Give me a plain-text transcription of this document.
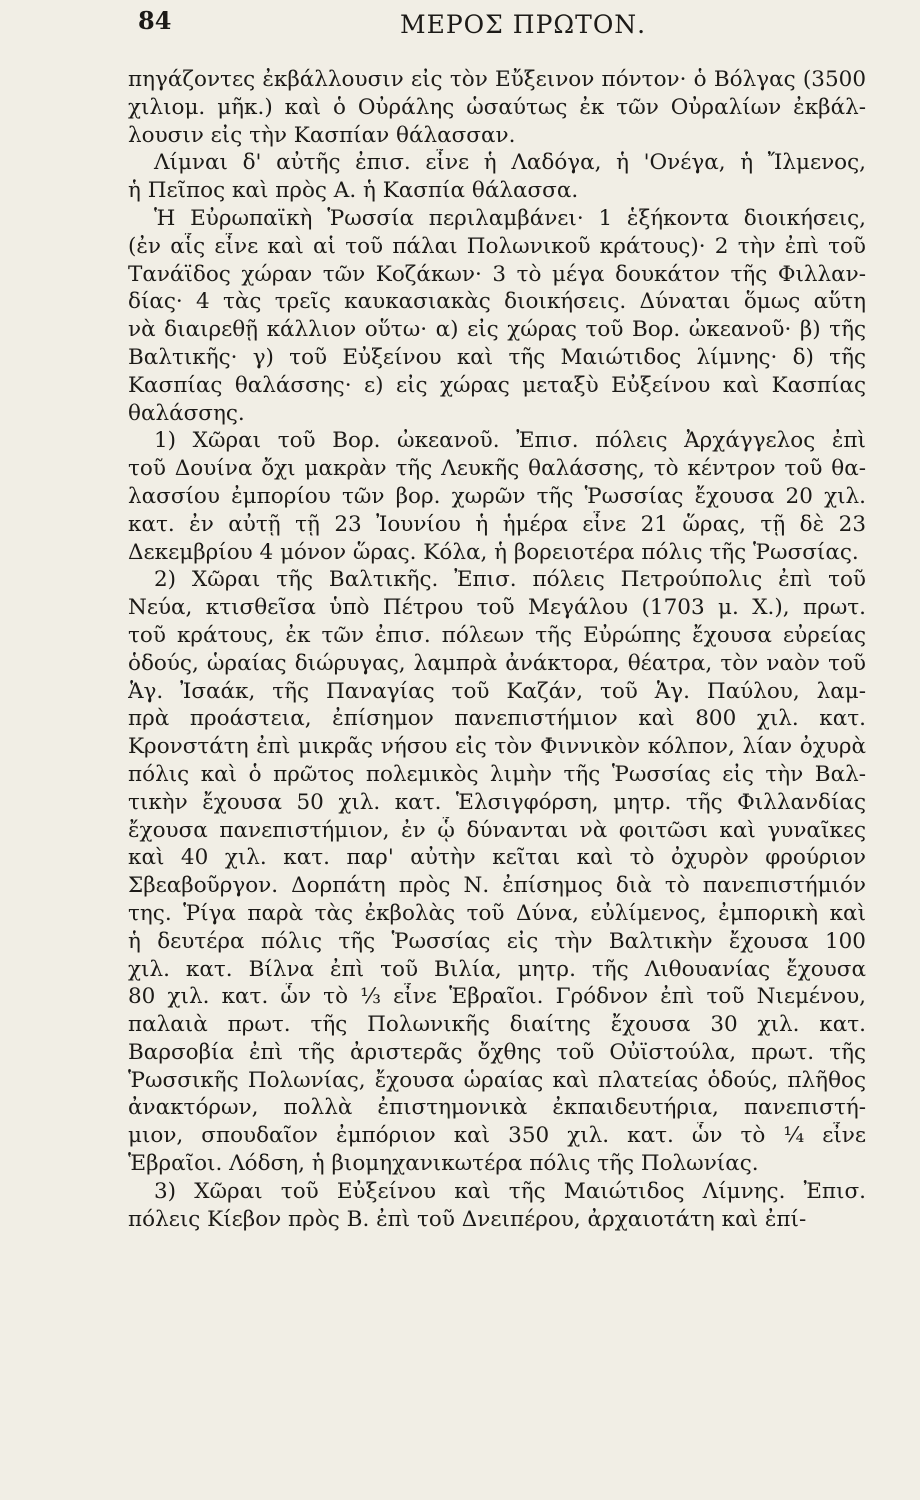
84	ΜΕΡΟΣ ΠΡΩΤΟΝ.
πηγάζοντες ἐκβάλλουσιν εἰς τὸν Εὔξεινον πόντον· ὁ Βόλγας (3500
χιλιομ. μῆκ.) καὶ ὁ Οὐράλης ὡσαύτως ἐκ τῶν Οὐραλίων ἐκβάλ-
λουσιν εἰς τὴν Κασπίαν θάλασσαν.
Λίμναι δ' αὐτῆς ἐπισ. εἶνε ἡ Λαδόγα, ἡ 'Ονέγα, ἡ Ἴλμενος,
ἡ Πεῖπος καὶ πρὸς Α. ἡ Κασπία θάλασσα.
Ἡ Εὐρωπαϊκὴ Ῥωσσία περιλαμβάνει· 1 ἑξήκοντα διοικήσεις,
(ἐν αἷς εἶνε καὶ αἱ τοῦ πάλαι Πολωνικοῦ κράτους)· 2 τὴν ἐπὶ τοῦ
Τανάϊδος χώραν τῶν Κοζάκων· 3 τὸ μέγα δουκάτον τῆς Φιλλαν-
δίας· 4 τὰς τρεῖς καυκασιακὰς διοικήσεις. Δύναται ὅμως αὕτη
νὰ διαιρεθῇ κάλλιον οὕτω· α) εἰς χώρας τοῦ Βορ. ὠκεανοῦ· β) τῆς
Βαλτικῆς· γ) τοῦ Εὐξείνου καὶ τῆς Μαιώτιδος λίμνης· δ) τῆς
Κασπίας θαλάσσης· ε) εἰς χώρας μεταξὺ Εὐξείνου καὶ Κασπίας
θαλάσσης.
1) Χῶραι τοῦ Βορ. ὠκεανοῦ. Ἐπισ. πόλεις Ἀρχάγγελος ἐπὶ
τοῦ Δουίνα ὄχι μακρὰν τῆς Λευκῆς θαλάσσης, τὸ κέντρον τοῦ θα-
λασσίου ἐμπορίου τῶν βορ. χωρῶν τῆς Ῥωσσίας ἔχουσα 20 χιλ.
κατ. ἐν αὐτῇ τῇ 23 Ἰουνίου ἡ ἡμέρα εἶνε 21 ὥρας, τῇ δὲ 23
Δεκεμβρίου 4 μόνον ὥρας. Κόλα, ἡ βορειοτέρα πόλις τῆς Ῥωσσίας.
2) Χῶραι τῆς Βαλτικῆς. Ἐπισ. πόλεις Πετρούπολις ἐπὶ τοῦ
Νεύα, κτισθεῖσα ὑπὸ Πέτρου τοῦ Μεγάλου (1703 μ. Χ.), πρωτ.
τοῦ κράτους, ἐκ τῶν ἐπισ. πόλεων τῆς Εὐρώπης ἔχουσα εὐρείας
ὁδούς, ὡραίας διώρυγας, λαμπρὰ ἀνάκτορα, θέατρα, τὸν ναὸν τοῦ
Ἁγ. Ἰσαάκ, τῆς Παναγίας τοῦ Καζάν, τοῦ Ἁγ. Παύλου, λαμ-
πρὰ προάστεια, ἐπίσημον πανεπιστήμιον καὶ 800 χιλ. κατ.
Κρονστάτη ἐπὶ μικρᾶς νήσου εἰς τὸν Φιννικὸν κόλπον, λίαν ὀχυρὰ
πόλις καὶ ὁ πρῶτος πολεμικὸς λιμὴν τῆς Ῥωσσίας εἰς τὴν Βαλ-
τικὴν ἔχουσα 50 χιλ. κατ. Ἑλσιγφόρση, μητρ. τῆς Φιλλανδίας
ἔχουσα πανεπιστήμιον, ἐν ᾧ δύνανται νὰ φοιτῶσι καὶ γυναῖκες
καὶ 40 χιλ. κατ. παρ' αὐτὴν κεῖται καὶ τὸ ὀχυρὸν φρούριον
Σβεαβοῦργον. Δορπάτη πρὸς Ν. ἐπίσημος διὰ τὸ πανεπιστήμιόν
της. Ῥίγα παρὰ τὰς ἐκβολὰς τοῦ Δύνα, εὐλίμενος, ἐμπορικὴ καὶ
ἡ δευτέρα πόλις τῆς Ῥωσσίας εἰς τὴν Βαλτικὴν ἔχουσα 100
χιλ. κατ. Βίλνα ἐπὶ τοῦ Βιλία, μητρ. τῆς Λιθουανίας ἔχουσα
80 χιλ. κατ. ὧν τὸ ⅓ εἶνε Ἑβραῖοι. Γρόδνον ἐπὶ τοῦ Νιεμένου,
παλαιὰ πρωτ. τῆς Πολωνικῆς διαίτης ἔχουσα 30 χιλ. κατ.
Βαρσοβία ἐπὶ τῆς ἀριστερᾶς ὄχθης τοῦ Οὐϊστούλα, πρωτ. τῆς
Ῥωσσικῆς Πολωνίας, ἔχουσα ὡραίας καὶ πλατείας ὁδούς, πλῆθος
ἀνακτόρων, πολλὰ ἐπιστημονικὰ ἐκπαιδευτήρια, πανεπιστή-
μιον, σπουδαῖον ἐμπόριον καὶ 350 χιλ. κατ. ὧν τὸ ¼ εἶνε
Ἑβραῖοι. Λόδση, ἡ βιομηχανικωτέρα πόλις τῆς Πολωνίας.
3) Χῶραι τοῦ Εὐξείνου καὶ τῆς Μαιώτιδος Λίμνης. Ἐπισ.
πόλεις Κίεβον πρὸς Β. ἐπὶ τοῦ Δνειπέρου, ἀρχαιοτάτη καὶ ἐπί-
